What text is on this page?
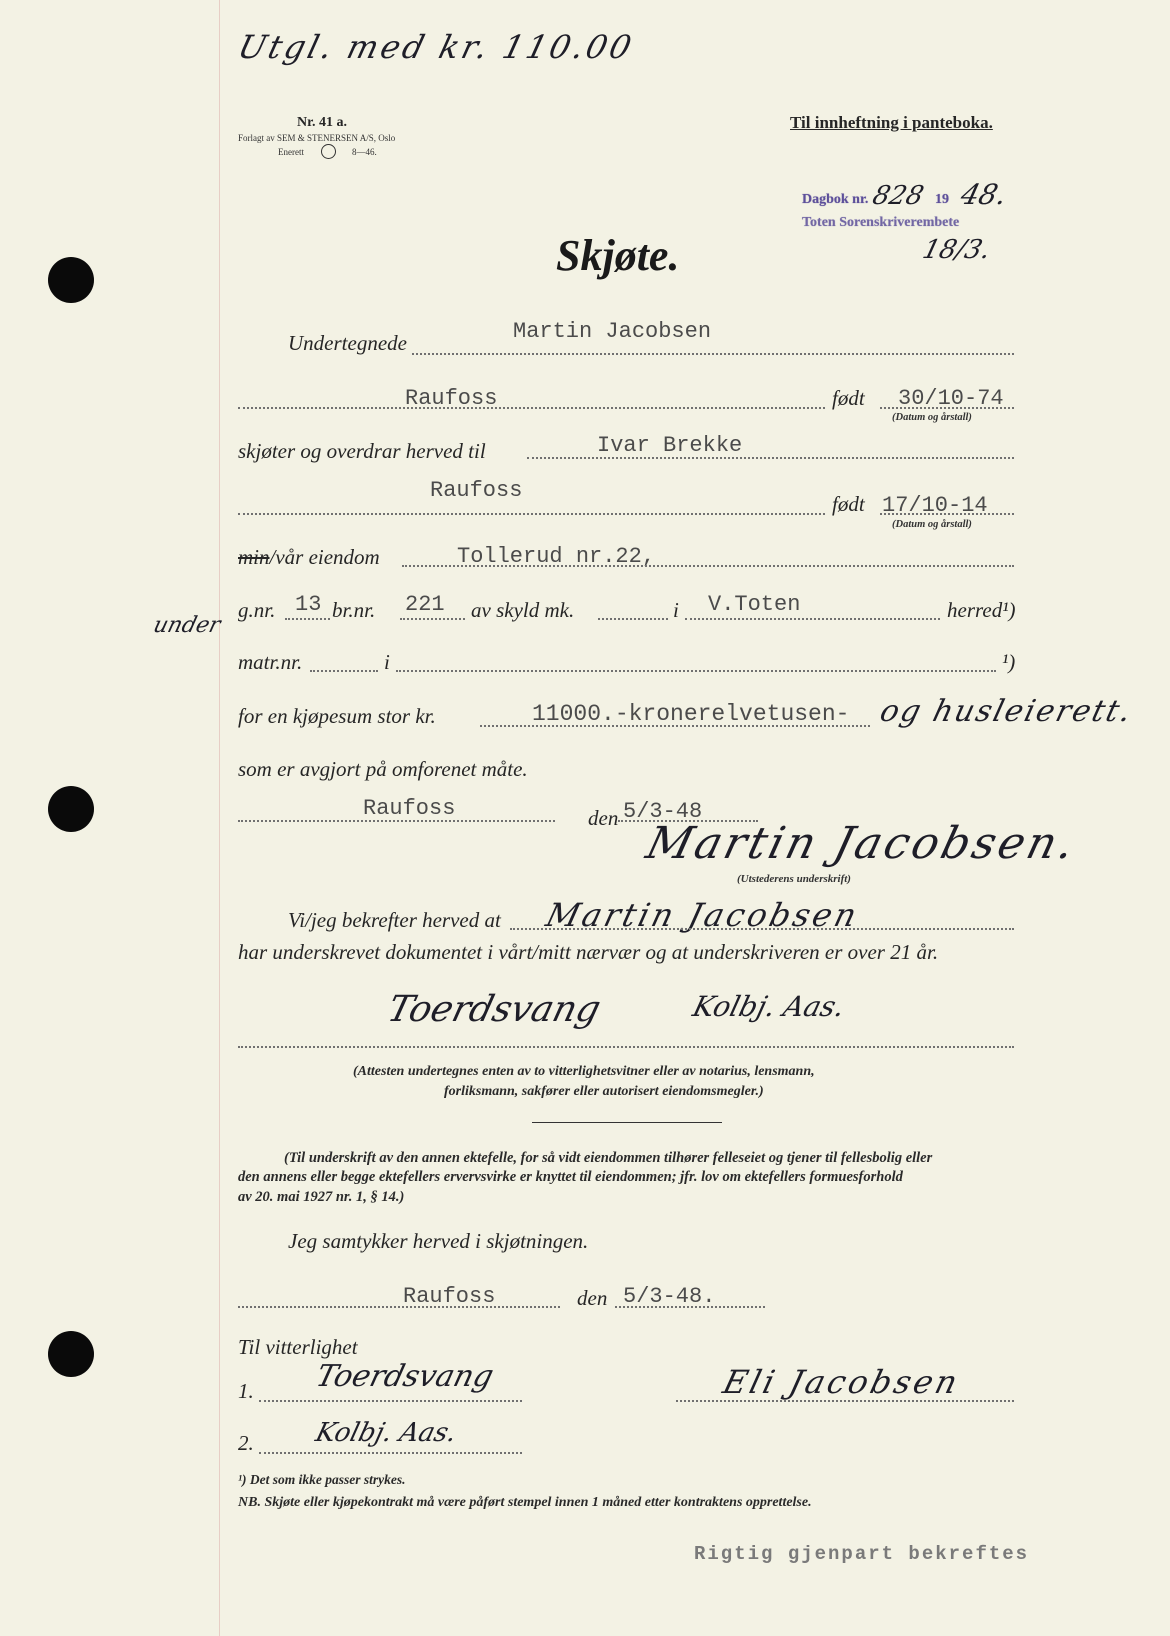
Utgl. med kr. 110.00
Nr. 41 a.
Forlagt av SEM & STENERSEN A/S, Oslo
Enerett	8—46.
Til innheftning i panteboka.
Dagbok nr. 828 19 48.
Toten Sorenskriverembete
18/3.
Skjøte.
Undertegnede	Martin Jacobsen
Raufoss	født 30/10-74
(Datum og årstall)
skjøter og overdrar herved til	Ivar Brekke
Raufoss
født 17/10-14
(Datum og årstall)
min/vår eiendom	Tollerud nr.22,
under
g.nr. 13 br.nr. 221 av skyld mk.	i V.Toten	herred¹)
matr.nr.	i	¹)
for en kjøpesum stor kr.	11000.-kronerelvetusen- og husleierett.
som er avgjort på omforenet måte.
Raufoss	den 5/3-48
Martin Jacobsen.
(Utstederens underskrift)
Vi/jeg bekrefter herved at Martin Jacobsen
har underskrevet dokumentet i vårt/mitt nærvær og at underskriveren er over 21 år.
Toerdsvang	Kolbj. Aas.
(Attesten undertegnes enten av to vitterlighetsvitner eller av notarius, lensmann,
forliksmann, sakfører eller autorisert eiendomsmegler.)
(Til underskrift av den annen ektefelle, for så vidt eiendommen tilhører felleseiet og tjener til fellesbolig eller
den annens eller begge ektefellers ervervsvirke er knyttet til eiendommen; jfr. lov om ektefellers formuesforhold
av 20. mai 1927 nr. 1, § 14.)
Jeg samtykker herved i skjøtningen.
Raufoss	den 5/3-48.
Til vitterlighet
1. Toerdsvang	Eli Jacobsen
2. Kolbj. Aas.
¹) Det som ikke passer strykes.
NB. Skjøte eller kjøpekontrakt må være påført stempel innen 1 måned etter kontraktens opprettelse.
Rigtig gjenpart bekreftes
